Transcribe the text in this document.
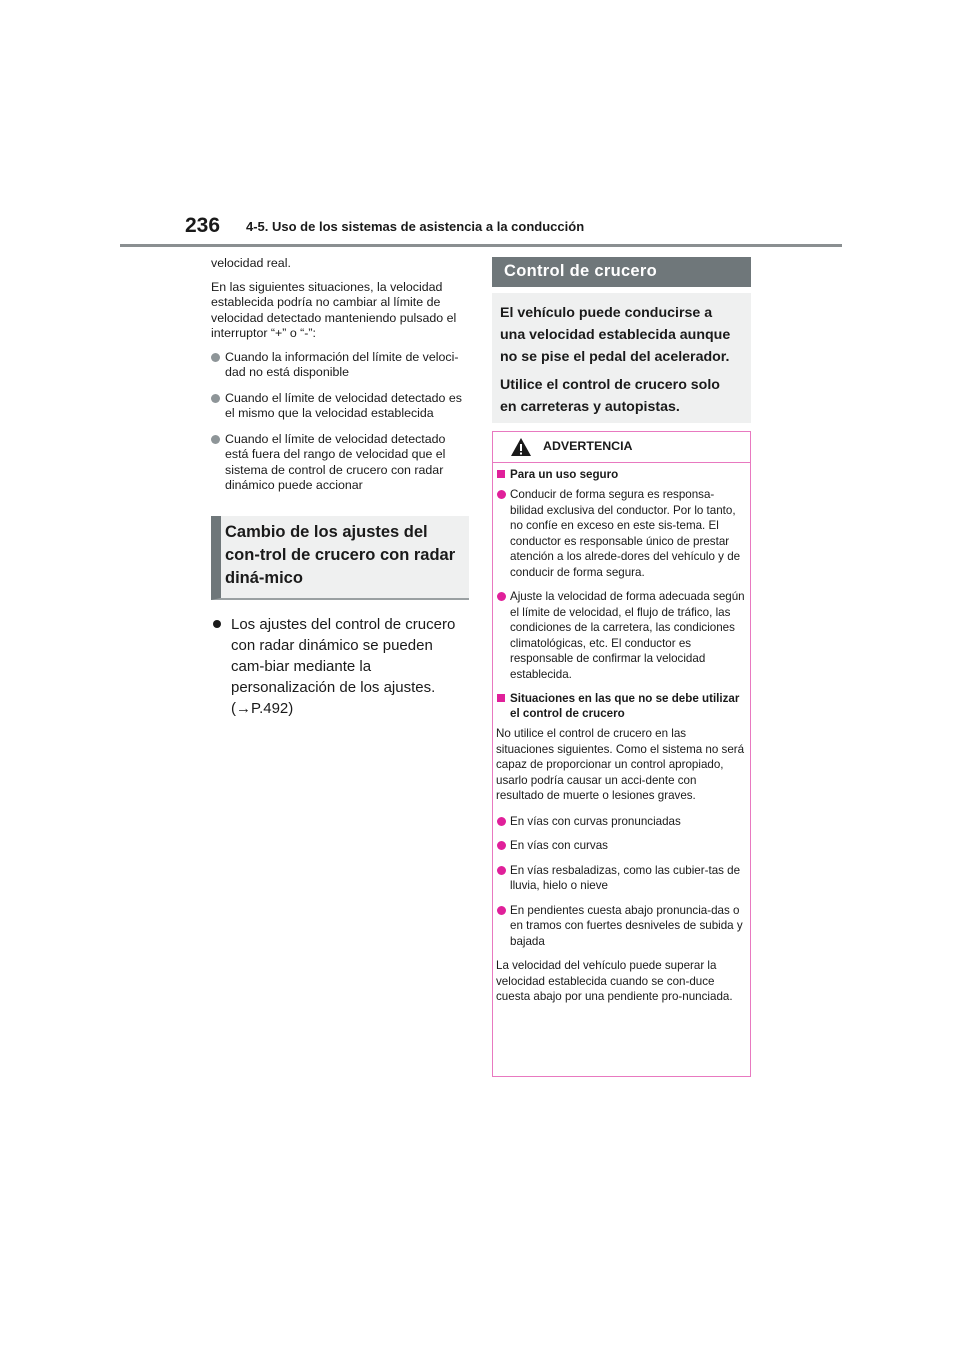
236 4-5. Uso de los sistemas de asistencia a la conducción

velocidad real.

En las siguientes situaciones, la velocidad establecida podría no cambiar al límite de velocidad detectado manteniendo pulsado el interruptor “+” o “-”:

Cuando la información del límite de veloci-dad no está disponible
Cuando el límite de velocidad detectado es el mismo que la velocidad establecida
Cuando el límite de velocidad detectado está fuera del rango de velocidad que el sistema de control de crucero con radar dinámico puede accionar
Cambio de los ajustes del con-trol de crucero con radar diná-mico
Los ajustes del control de crucero con radar dinámico se pueden cam-biar mediante la personalización de los ajustes. (→P.492)
Control de crucero

El vehículo puede conducirse a una velocidad establecida aunque no se pise el pedal del acelerador.

Utilice el control de crucero solo en carreteras y autopistas.

ADVERTENCIA
Para un uso seguro
Conducir de forma segura es responsa-bilidad exclusiva del conductor. Por lo tanto, no confíe en exceso en este sis-tema. El conductor es responsable único de prestar atención a los alrede-dores del vehículo y de conducir de forma segura.
Ajuste la velocidad de forma adecuada según el límite de velocidad, el flujo de tráfico, las condiciones de la carretera, las condiciones climatológicas, etc. El conductor es responsable de confirmar la velocidad establecida.
Situaciones en las que no se debe utilizar el control de crucero

No utilice el control de crucero en las situaciones siguientes. Como el sistema no será capaz de proporcionar un control apropiado, usarlo podría causar un acci-dente con resultado de muerte o lesiones graves.

En vías con curvas pronunciadas
En vías con curvas
En vías resbaladizas, como las cubier-tas de lluvia, hielo o nieve
En pendientes cuesta abajo pronuncia-das o en tramos con fuertes desniveles de subida y bajada

La velocidad del vehículo puede superar la velocidad establecida cuando se con-duce cuesta abajo por una pendiente pro-nunciada.
